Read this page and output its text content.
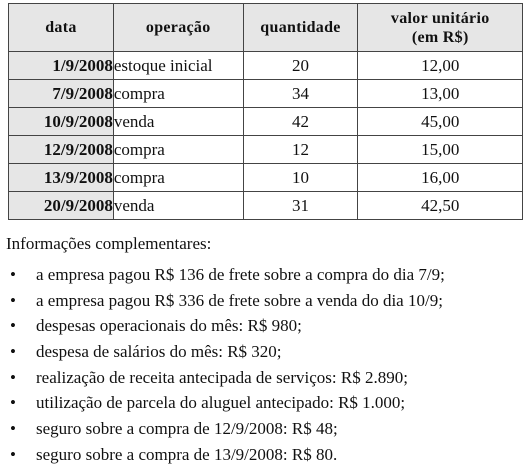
data	operação	quantidade	valor unitário
(em R$)

1/9/2008	estoque inicial	20	12,00
7/9/2008	compra	34	13,00
10/9/2008	venda	42	45,00
12/9/2008	compra	12	15,00
13/9/2008	compra	10	16,00
20/9/2008	venda	31	42,50
Informações complementares:
• a empresa pagou R$ 136 de frete sobre a compra do dia 7/9;
• a empresa pagou R$ 336 de frete sobre a venda do dia 10/9;
• despesas operacionais do mês: R$ 980;
• despesa de salários do mês: R$ 320;
• realização de receita antecipada de serviços: R$ 2.890;
• utilização de parcela do aluguel antecipado: R$ 1.000;
• seguro sobre a compra de 12/9/2008: R$ 48;
• seguro sobre a compra de 13/9/2008: R$ 80.
